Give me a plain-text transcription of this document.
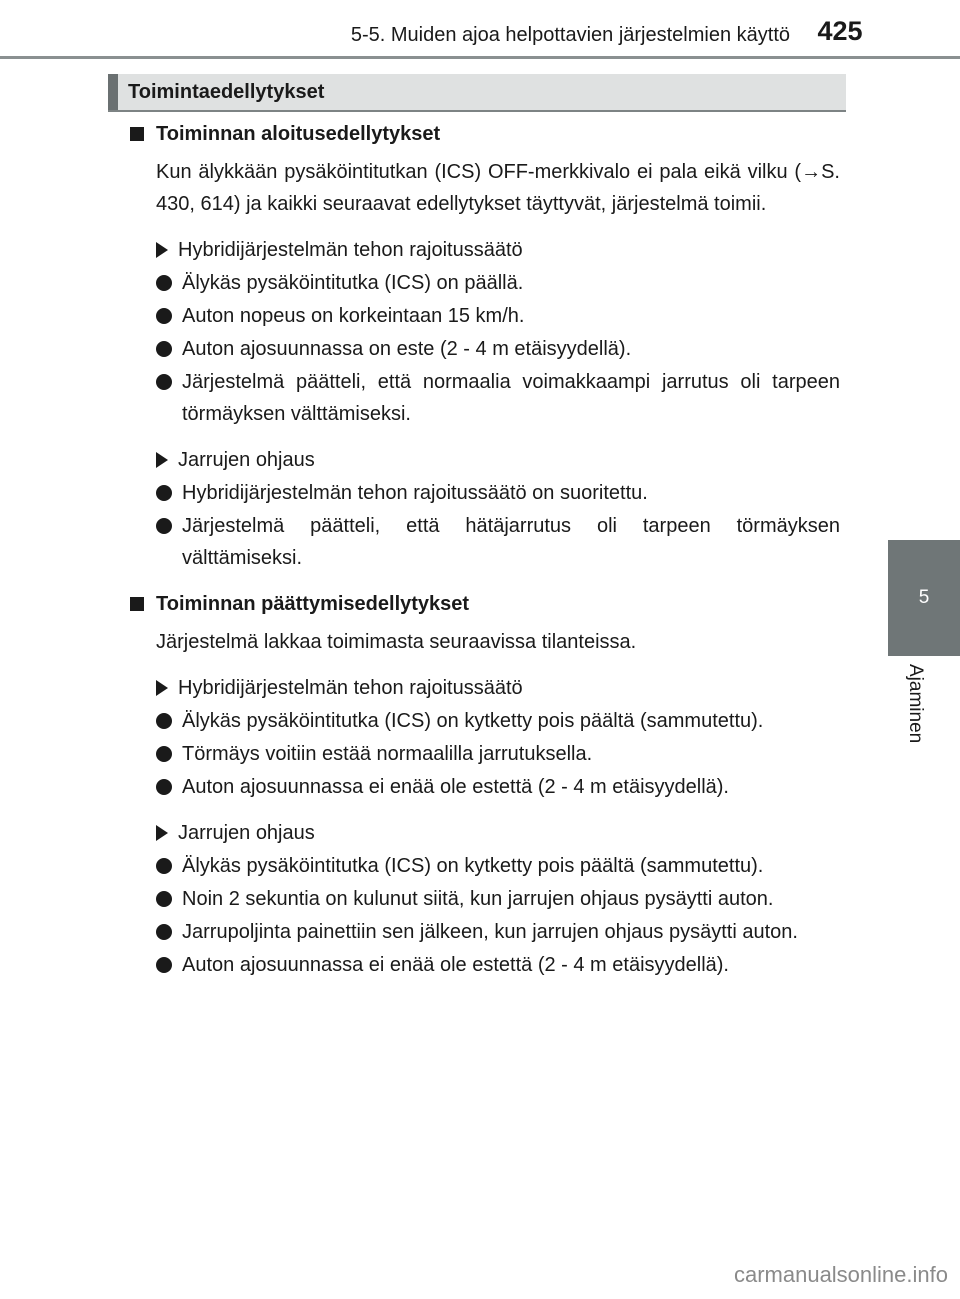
5-5. Muiden ajoa helpottavien järjestelmien käyttö	425
5
Ajaminen
Toimintaedellytykset
Toiminnan aloitusedellytykset
Kun älykkään pysäköintitutkan (ICS) OFF-merkkivalo ei pala eikä vilku (→S. 430, 614) ja kaikki seuraavat edellytykset täyttyvät, järjestelmä toimii.
Hybridijärjestelmän tehon rajoitussäätö
Älykäs pysäköintitutka (ICS) on päällä.
Auton nopeus on korkeintaan 15 km/h.
Auton ajosuunnassa on este (2 - 4 m etäisyydellä).
Järjestelmä päätteli, että normaalia voimakkaampi jarrutus oli tarpeen törmäyksen välttämiseksi.
Jarrujen ohjaus
Hybridijärjestelmän tehon rajoitussäätö on suoritettu.
Järjestelmä päätteli, että hätäjarrutus oli tarpeen törmäyksen välttämiseksi.
Toiminnan päättymisedellytykset
Järjestelmä lakkaa toimimasta seuraavissa tilanteissa.
Hybridijärjestelmän tehon rajoitussäätö
Älykäs pysäköintitutka (ICS) on kytketty pois päältä (sammutettu).
Törmäys voitiin estää normaalilla jarrutuksella.
Auton ajosuunnassa ei enää ole estettä (2 - 4 m etäisyydellä).
Jarrujen ohjaus
Älykäs pysäköintitutka (ICS) on kytketty pois päältä (sammutettu).
Noin 2 sekuntia on kulunut siitä, kun jarrujen ohjaus pysäytti auton.
Jarrupoljinta painettiin sen jälkeen, kun jarrujen ohjaus pysäytti auton.
Auton ajosuunnassa ei enää ole estettä (2 - 4 m etäisyydellä).
carmanualsonline.info
